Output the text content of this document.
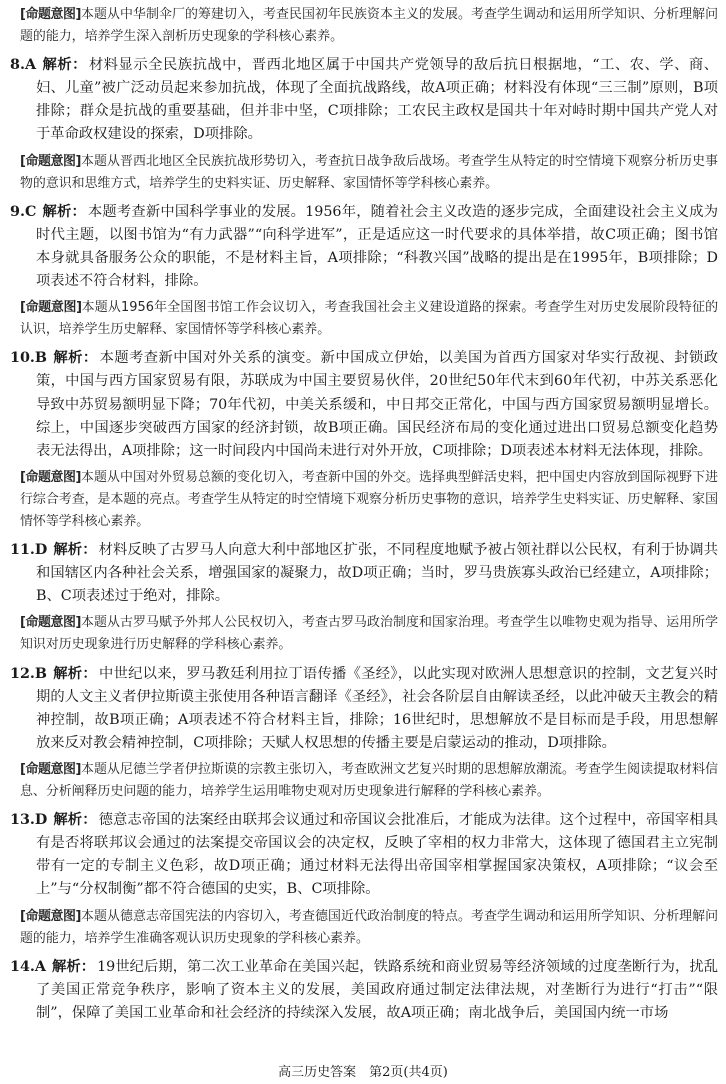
[命题意图]本题从中华制伞厂的筹建切入，考查民国初年民族资本主义的发展。考查学生调动和运用所学知识、分析理解问题的能力，培养学生深入剖析历史现象的学科核心素养。

8.A 解析： 材料显示全民族抗战中，晋西北地区属于中国共产党领导的敌后抗日根据地，“工、农、学、商、妇、儿童”被广泛动员起来参加抗战，体现了全面抗战路线，故A项正确；材料没有体现“三三制”原则，B项排除；群众是抗战的重要基础，但并非中坚，C项排除；工农民主政权是国共十年对峙时期中国共产党人对于革命政权建设的探索，D项排除。

[命题意图]本题从晋西北地区全民族抗战形势切入，考查抗日战争敌后战场。考查学生从特定的时空情境下观察分析历史事物的意识和思维方式，培养学生的史料实证、历史解释、家国情怀等学科核心素养。

9.C 解析： 本题考查新中国科学事业的发展。1956年，随着社会主义改造的逐步完成，全面建设社会主义成为时代主题，以图书馆为“有力武器”“向科学进军”，正是适应这一时代要求的具体举措，故C项正确；图书馆本身就具备服务公众的职能，不是材料主旨，A项排除；“科教兴国”战略的提出是在1995年，B项排除；D项表述不符合材料，排除。

[命题意图]本题从1956年全国图书馆工作会议切入，考查我国社会主义建设道路的探索。考查学生对历史发展阶段特征的认识，培养学生历史解释、家国情怀等学科核心素养。

10.B 解析： 本题考查新中国对外关系的演变。新中国成立伊始，以美国为首西方国家对华实行敌视、封锁政策，中国与西方国家贸易有限，苏联成为中国主要贸易伙伴，20世纪50年代末到60年代初，中苏关系恶化导致中苏贸易额明显下降；70年代初，中美关系缓和，中日邦交正常化，中国与西方国家贸易额明显增长。综上，中国逐步突破西方国家的经济封锁，故B项正确。国民经济布局的变化通过进出口贸易总额变化趋势表无法得出，A项排除；这一时间段内中国尚未进行对外开放，C项排除；D项表述本材料无法体现，排除。

[命题意图]本题从中国对外贸易总额的变化切入，考查新中国的外交。选择典型鲜活史料，把中国史内容放到国际视野下进行综合考查，是本题的亮点。考查学生从特定的时空情境下观察分析历史事物的意识，培养学生史料实证、历史解释、家国情怀等学科核心素养。

11.D 解析： 材料反映了古罗马人向意大利中部地区扩张，不同程度地赋予被占领社群以公民权，有利于协调共和国辖区内各种社会关系，增强国家的凝聚力，故D项正确；当时，罗马贵族寡头政治已经建立，A项排除；B、C项表述过于绝对，排除。

[命题意图]本题从古罗马赋予外邦人公民权切入，考查古罗马政治制度和国家治理。考查学生以唯物史观为指导、运用所学知识对历史现象进行历史解释的学科核心素养。

12.B 解析： 中世纪以来，罗马教廷利用拉丁语传播《圣经》，以此实现对欧洲人思想意识的控制，文艺复兴时期的人文主义者伊拉斯谟主张使用各种语言翻译《圣经》，社会各阶层自由解读圣经，以此冲破天主教会的精神控制，故B项正确；A项表述不符合材料主旨，排除；16世纪时，思想解放不是目标而是手段，用思想解放来反对教会精神控制，C项排除；天赋人权思想的传播主要是启蒙运动的推动，D项排除。

[命题意图]本题从尼德兰学者伊拉斯谟的宗教主张切入，考查欧洲文艺复兴时期的思想解放潮流。考查学生阅读提取材料信息、分析阐释历史问题的能力，培养学生运用唯物史观对历史现象进行解释的学科核心素养。

13.D 解析： 德意志帝国的法案经由联邦会议通过和帝国议会批准后，才能成为法律。这个过程中，帝国宰相具有是否将联邦议会通过的法案提交帝国议会的决定权，反映了宰相的权力非常大，这体现了德国君主立宪制带有一定的专制主义色彩，故D项正确；通过材料无法得出帝国宰相掌握国家决策权，A项排除；“议会至上”与“分权制衡”都不符合德国的史实，B、C项排除。

[命题意图]本题从德意志帝国宪法的内容切入，考查德国近代政治制度的特点。考查学生调动和运用所学知识、分析理解问题的能力，培养学生准确客观认识历史现象的学科核心素养。

14.A 解析： 19世纪后期，第二次工业革命在美国兴起，铁路系统和商业贸易等经济领域的过度垄断行为，扰乱了美国正常竞争秩序，影响了资本主义的发展，美国政府通过制定法律法规，对垄断行为进行“打击”“限制”，保障了美国工业革命和社会经济的持续深入发展，故A项正确；南北战争后，美国国内统一市场

高三历史答案　第2页(共4页)
